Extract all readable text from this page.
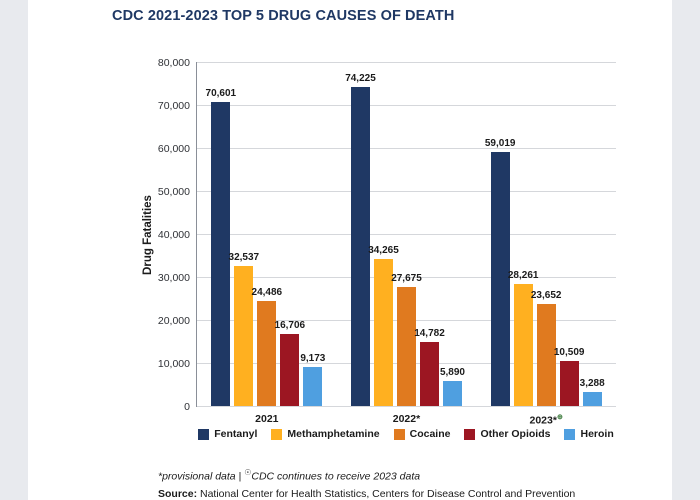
CDC 2021-2023 TOP 5 DRUG CAUSES OF DEATH
Drug Fatalities
0
10,000
20,000
30,000
40,000
50,000
60,000
70,000
80,000
70,601
32,537
24,486
16,706
9,173
2021
74,225
34,265
27,675
14,782
5,890
2022*
59,019
28,261
23,652
10,509
3,288
2023*⊕
Fentanyl	Methamphetamine	Cocaine	Other Opioids	Heroin
*provisional data | ☉CDC continues to receive 2023 data
Source: National Center for Health Statistics, Centers for Disease Control and Prevention
